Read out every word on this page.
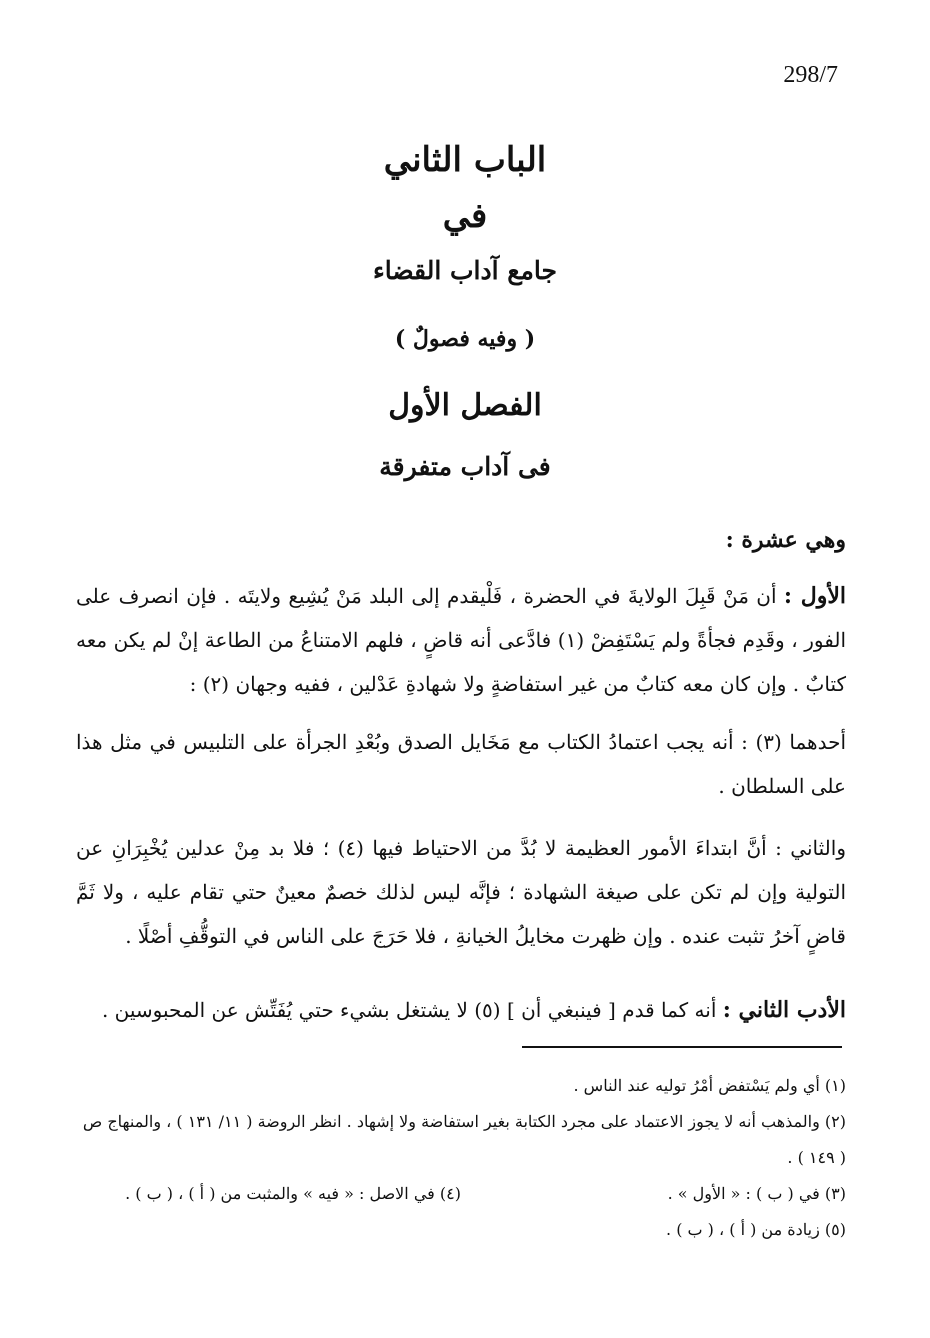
298/7
الباب الثاني
في
جامع آداب القضاء
( وفيه فصولٌ )
الفصل الأول
فى آداب متفرقة
وهي عشرة :
الأول : أن مَنْ قَبِلَ الولايةَ في الحضرة ، فَلْيقدم إلى البلد مَنْ يُشِيع ولايتَه . فإن انصرف على الفور ، وقَدِم فجأةً ولم يَسْتَفِضْ (١) فادَّعى أنه قاضٍ ، فلهم الامتناعُ من الطاعة إنْ لم يكن معه كتابٌ . وإن كان معه كتابٌ من غير استفاضةٍ ولا شهادةِ عَدْلين ، ففيه وجهان (٢) :
أحدهما (٣) : أنه يجب اعتمادُ الكتاب مع مَخَايل الصدق وبُعْدِ الجرأة على التلبيس في مثل هذا على السلطان .
والثاني : أنَّ ابتداءَ الأمور العظيمة لا بُدَّ من الاحتياط فيها (٤) ؛ فلا بد مِنْ عدلين يُخْبِرَانِ عن التولية وإن لم تكن على صيغة الشهادة ؛ فإنَّه ليس لذلك خصمٌ معينٌ حتي تقام عليه ، ولا ثَمَّ قاضٍ آخرُ تثبت عنده . وإن ظهرت مخايلُ الخيانةِ ، فلا حَرَجَ على الناس في التوقُّفِ أصْلًا .
الأدب الثاني : أنه كما قدم [ فينبغي أن ] (٥) لا يشتغل بشيء حتي يُفَتِّش عن المحبوسين .
(١) أي ولم يَسْتفض أمْرُ توليه عند الناس .
(٢) والمذهب أنه لا يجوز الاعتماد على مجرد الكتابة بغير استفاضة ولا إشهاد . انظر الروضة ( ١١/ ١٣١ ) ، والمنهاج ص ( ١٤٩ ) .
(٣) في ( ب ) : « الأول » .
(٤) في الاصل : « فيه » والمثبت من ( أ ) ، ( ب ) .
(٥) زيادة من ( أ ) ، ( ب ) .
